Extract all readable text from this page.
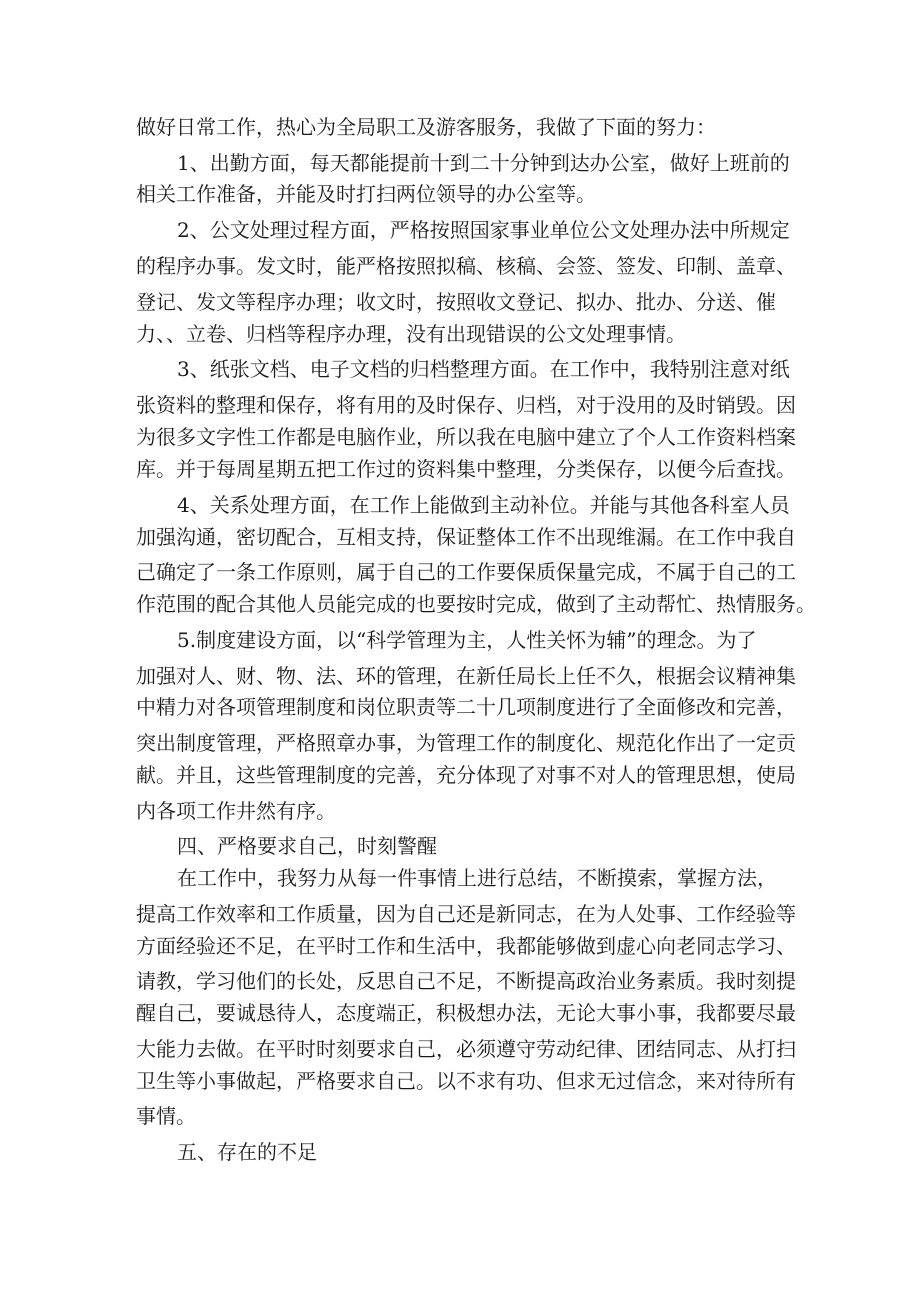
做好日常工作，热心为全局职工及游客服务，我做了下面的努力：
1、出勤方面，每天都能提前十到二十分钟到达办公室，做好上班前的
相关工作准备，并能及时打扫两位领导的办公室等。
2、公文处理过程方面，严格按照国家事业单位公文处理办法中所规定
的程序办事。发文时，能严格按照拟稿、核稿、会签、签发、印制、盖章、
登记、发文等程序办理；收文时，按照收文登记、拟办、批办、分送、催
力、、立卷、归档等程序办理，没有出现错误的公文处理事情。
3、纸张文档、电子文档的归档整理方面。在工作中，我特别注意对纸
张资料的整理和保存，将有用的及时保存、归档，对于没用的及时销毁。因
为很多文字性工作都是电脑作业，所以我在电脑中建立了个人工作资料档案
库。并于每周星期五把工作过的资料集中整理，分类保存，以便今后查找。
4、关系处理方面，在工作上能做到主动补位。并能与其他各科室人员
加强沟通，密切配合，互相支持，保证整体工作不出现维漏。在工作中我自
己确定了一条工作原则，属于自己的工作要保质保量完成，不属于自己的工
作范围的配合其他人员能完成的也要按时完成，做到了主动帮忙、热情服务。
5.制度建设方面，以“科学管理为主，人性关怀为辅”的理念。为了
加强对人、财、物、法、环的管理，在新任局长上任不久，根据会议精神集
中精力对各项管理制度和岗位职责等二十几项制度进行了全面修改和完善，
突出制度管理，严格照章办事，为管理工作的制度化、规范化作出了一定贡
献。并且，这些管理制度的完善，充分体现了对事不对人的管理思想，使局
内各项工作井然有序。
四、严格要求自己，时刻警醒
在工作中，我努力从每一件事情上进行总结，不断摸索，掌握方法，
提高工作效率和工作质量，因为自己还是新同志，在为人处事、工作经验等
方面经验还不足，在平时工作和生活中，我都能够做到虚心向老同志学习、
请教，学习他们的长处，反思自己不足，不断提高政治业务素质。我时刻提
醒自己，要诚恳待人，态度端正，积极想办法，无论大事小事，我都要尽最
大能力去做。在平时时刻要求自己，必须遵守劳动纪律、团结同志、从打扫
卫生等小事做起，严格要求自己。以不求有功、但求无过信念，来对待所有
事情。
五、存在的不足
